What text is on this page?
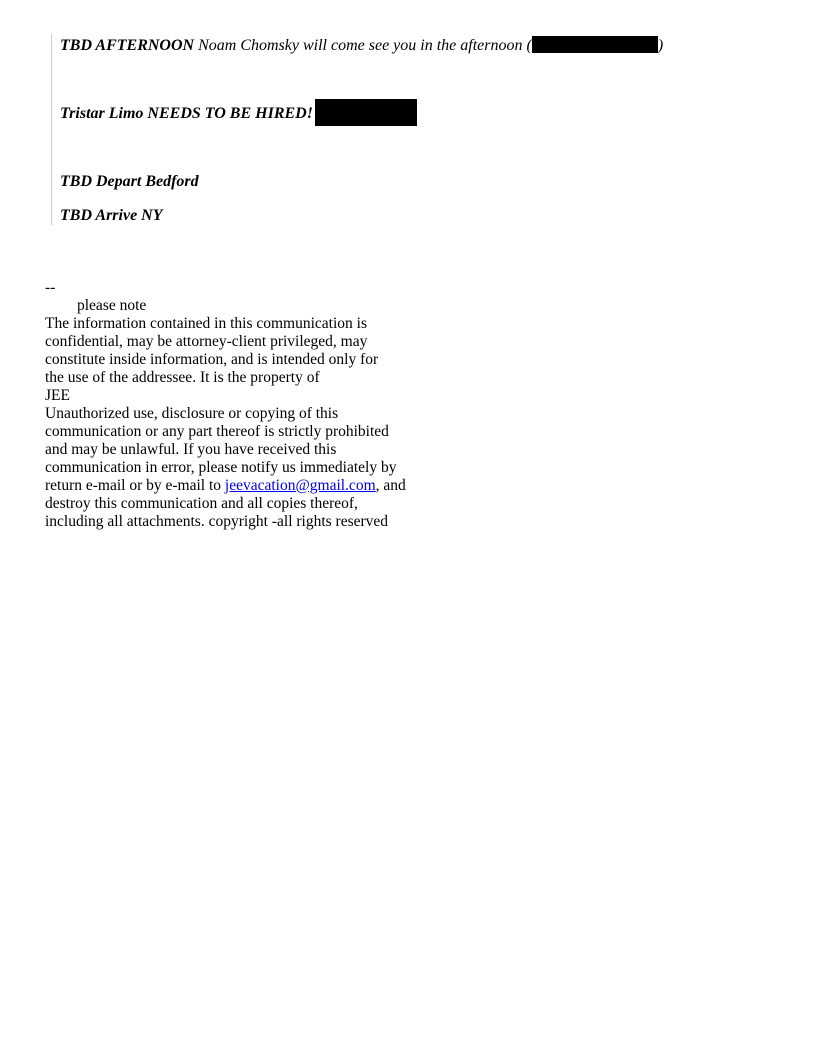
TBD AFTERNOON Noam Chomsky will come see you in the afternoon (	)
Tristar Limo NEEDS TO BE HIRED!
TBD Depart Bedford
TBD Arrive NY
--
please note
The information contained in this communication is
confidential, may be attorney-client privileged, may
constitute inside information, and is intended only for
the use of the addressee. It is the property of
JEE
Unauthorized use, disclosure or copying of this
communication or any part thereof is strictly prohibited
and may be unlawful. If you have received this
communication in error, please notify us immediately by
return e-mail or by e-mail to jeevacation@gmail.com, and
destroy this communication and all copies thereof,
including all attachments. copyright -all rights reserved
